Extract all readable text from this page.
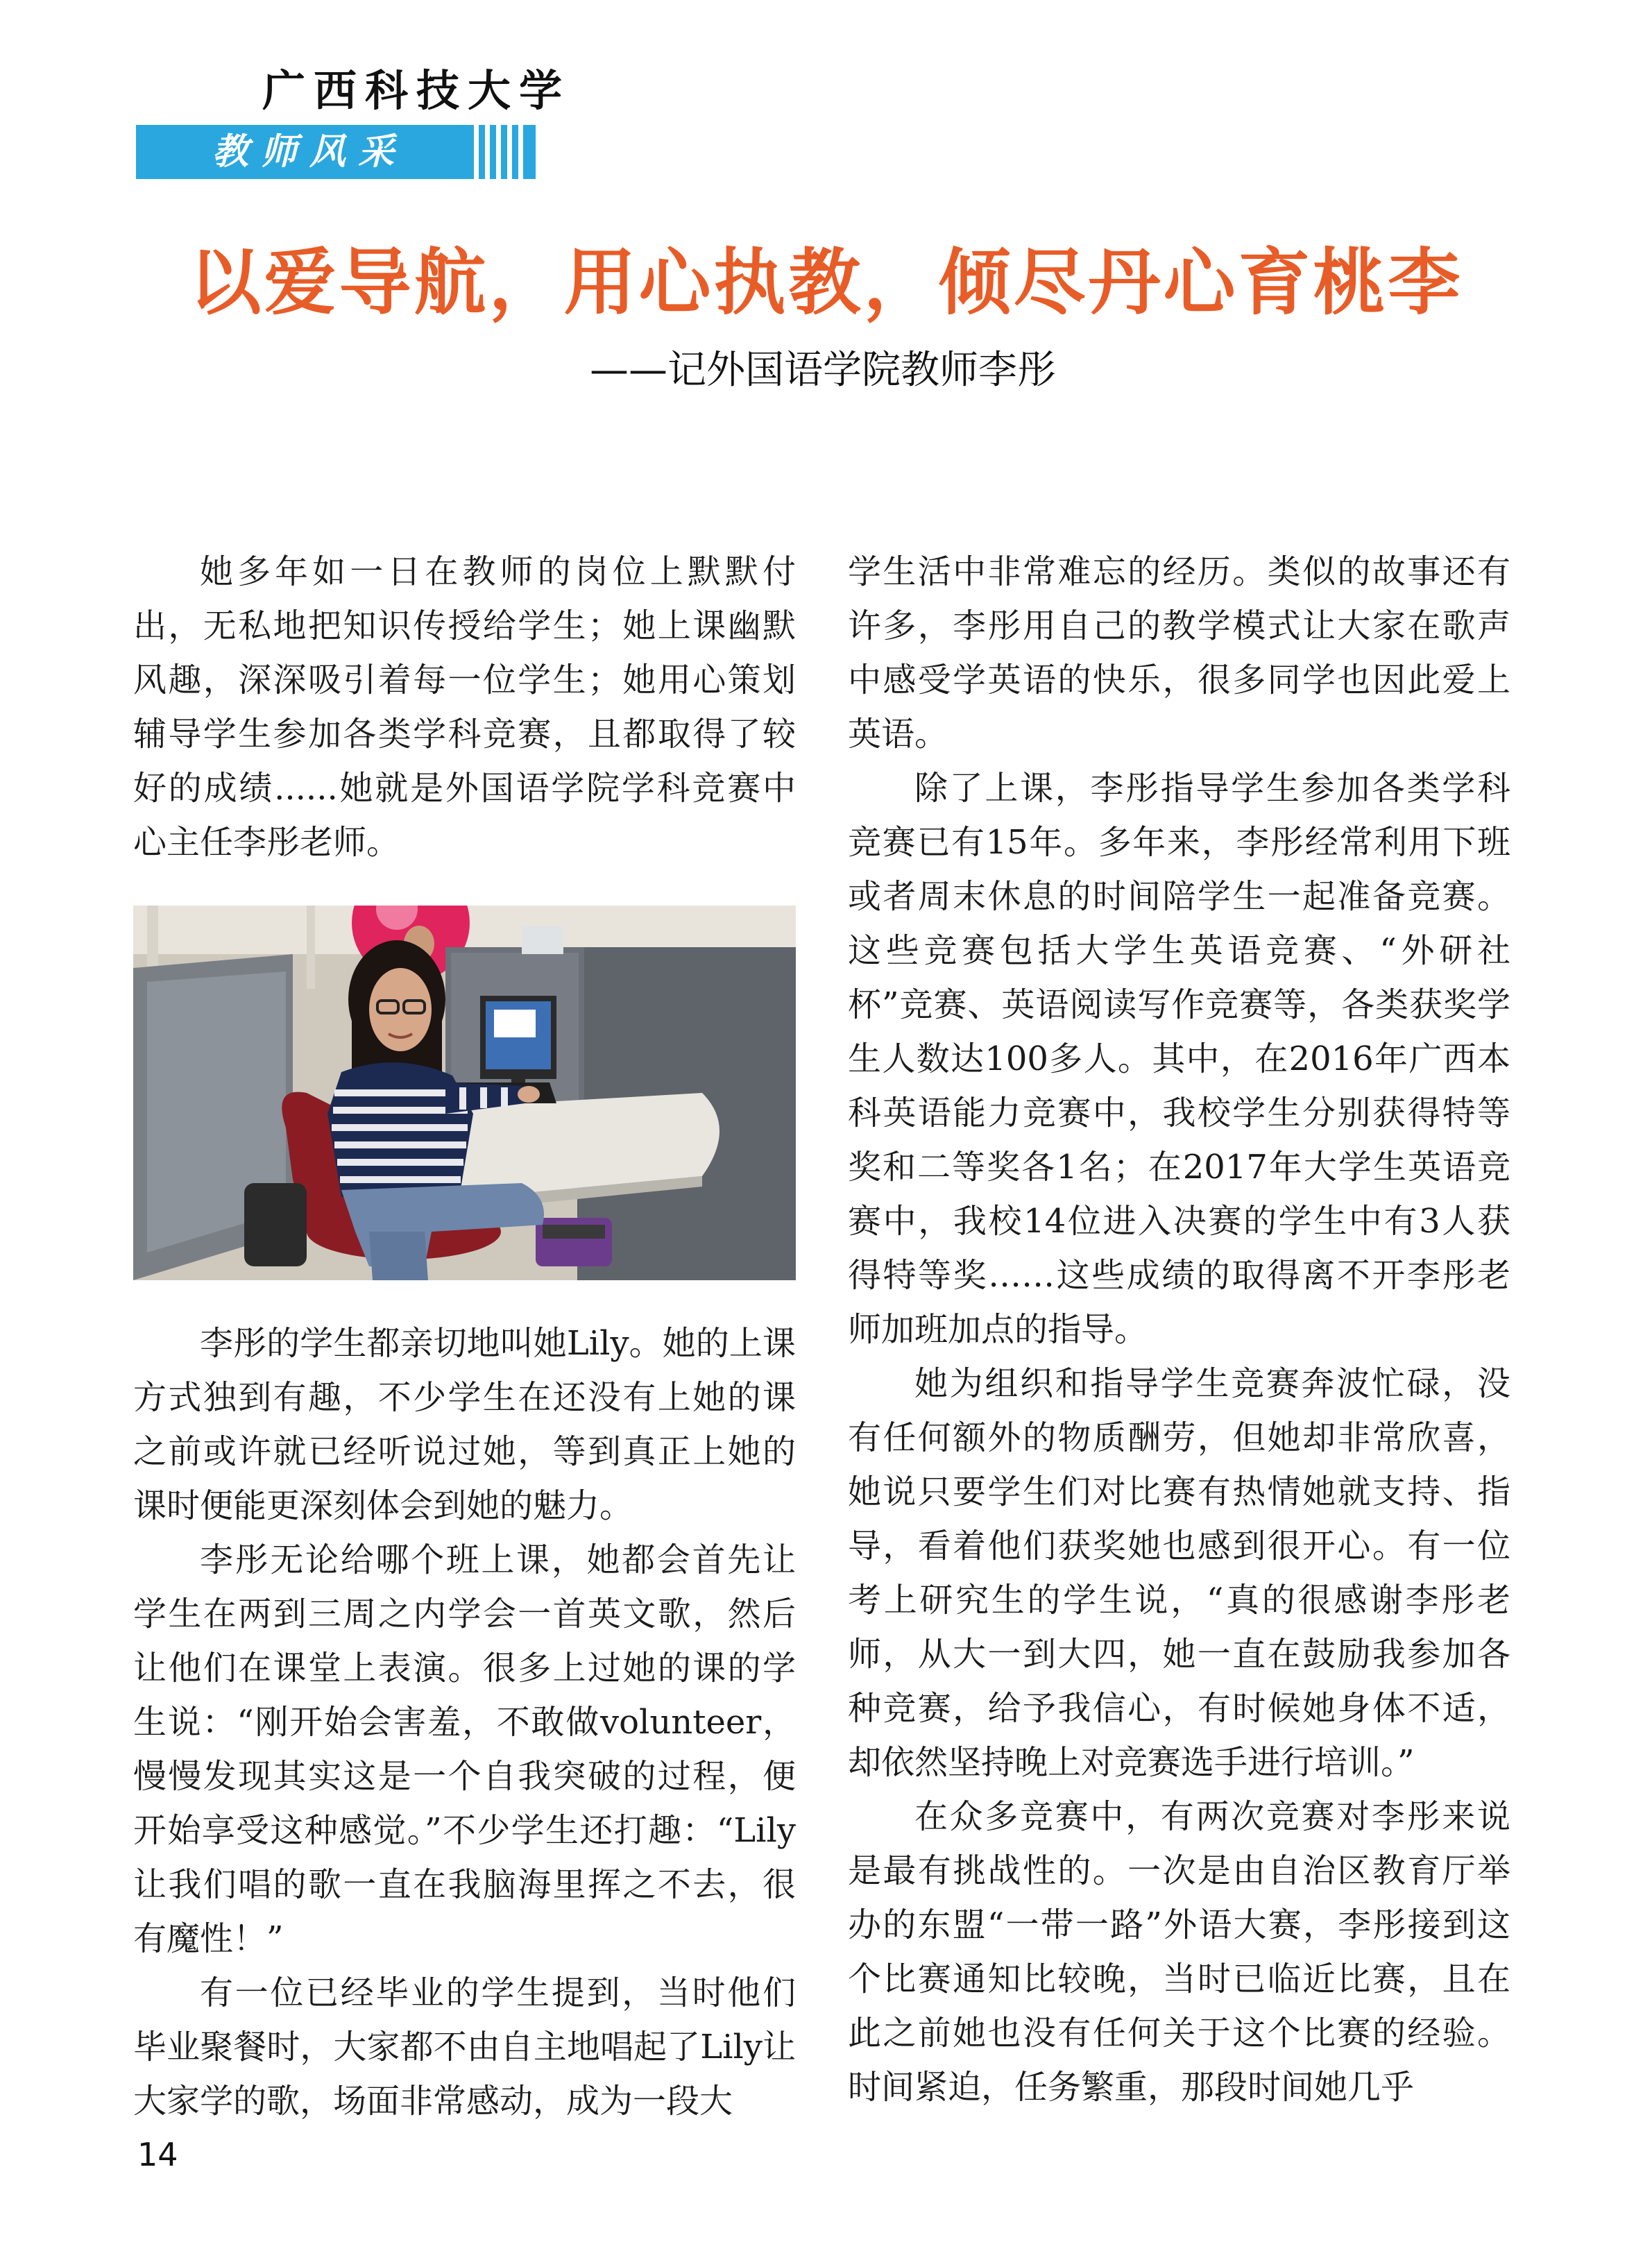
广西科技大学
教师风采
以爱导航，用心执教，倾尽丹心育桃李
——记外国语学院教师李彤

她多年如一日在教师的岗位上默默付出，无私地把知识传授给学生；她上课幽默风趣，深深吸引着每一位学生；她用心策划辅导学生参加各类学科竞赛，且都取得了较好的成绩......她就是外国语学院学科竞赛中心主任李彤老师。

李彤的学生都亲切地叫她Lily。她的上课方式独到有趣，不少学生在还没有上她的课之前或许就已经听说过她，等到真正上她的课时便能更深刻体会到她的魅力。

李彤无论给哪个班上课，她都会首先让学生在两到三周之内学会一首英文歌，然后让他们在课堂上表演。很多上过她的课的学生说：“刚开始会害羞，不敢做volunteer，慢慢发现其实这是一个自我突破的过程，便开始享受这种感觉。”不少学生还打趣：“Lily让我们唱的歌一直在我脑海里挥之不去，很有魔性！”

有一位已经毕业的学生提到，当时他们毕业聚餐时，大家都不由自主地唱起了Lily让大家学的歌，场面非常感动，成为一段大

学生活中非常难忘的经历。类似的故事还有许多，李彤用自己的教学模式让大家在歌声中感受学英语的快乐，很多同学也因此爱上英语。

除了上课，李彤指导学生参加各类学科竞赛已有15年。多年来，李彤经常利用下班或者周末休息的时间陪学生一起准备竞赛。这些竞赛包括大学生英语竞赛、“外研社杯”竞赛、英语阅读写作竞赛等，各类获奖学生人数达100多人。其中，在2016年广西本科英语能力竞赛中，我校学生分别获得特等奖和二等奖各1名；在2017年大学生英语竞赛中，我校14位进入决赛的学生中有3人获得特等奖……这些成绩的取得离不开李彤老师加班加点的指导。

她为组织和指导学生竞赛奔波忙碌，没有任何额外的物质酬劳，但她却非常欣喜，她说只要学生们对比赛有热情她就支持、指导，看着他们获奖她也感到很开心。有一位考上研究生的学生说，“真的很感谢李彤老师，从大一到大四，她一直在鼓励我参加各种竞赛，给予我信心，有时候她身体不适，却依然坚持晚上对竞赛选手进行培训。”

在众多竞赛中，有两次竞赛对李彤来说是最有挑战性的。一次是由自治区教育厅举办的东盟“一带一路”外语大赛，李彤接到这个比赛通知比较晚，当时已临近比赛，且在此之前她也没有任何关于这个比赛的经验。时间紧迫，任务繁重，那段时间她几乎

14
